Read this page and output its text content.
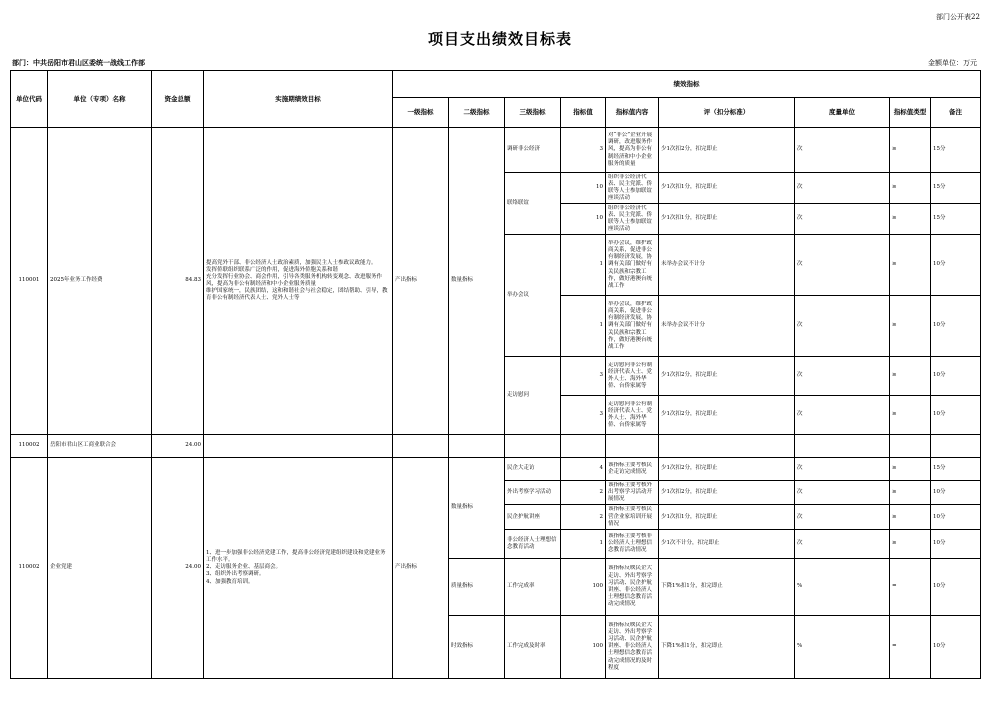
部门公开表22
项目支出绩效目标表
部门：中共岳阳市君山区委统一战线工作部	金额单位：万元
单位代码	单位（专项）名称	资金总额	实施期绩效目标	绩效指标								
				一级指标	二级指标	三级指标	指标值	指标值内容	评（扣分标准）	度量单位	指标值类型	备注
110001	2025年业务工作经费	84.83	提高党外干部、非公经济人士政治素质，加强民主人士参政议政能力。
发挥侨联组织联系广泛的作用，促进海外侨胞关系和谐
充分发挥行业协会、商会作用，引导各类服务机构转变观念、改进服务作风，提高为非公有制经济和中小企业服务质量
维护国家统一，民族团结，这和和谐社会与社会稳定，团结帮助、引导，教育非公有制经济代表人士、党外人士等	产出指标	数量指标	调研非公经济	3	对“非公”企业开展调研，改进服务作风，提高为非公有制经济和中小企业服务的质量	少1次扣2分，扣完即止	次	≥	15分
						联络联谊	10	组织非公经济代表、民主党派、侨联等人士参加联谊座谈活动	少1次扣1分，扣完即止	次	≥	15分
							10	组织非公经济代表、民主党派、侨联等人士参加联谊座谈活动	少1次扣1分，扣完即止	次	≥	15分
						举办会议	1	举办会议，维护政商关系，促进非公有制经济发展，协调有关部门做好有关民族和宗教工作，做好港澳台统战工作	未举办会议不计分	次	≥	10分
							1	举办会议，维护政商关系，促进非公有制经济发展，协调有关部门做好有关民族和宗教工作，做好港澳台统战工作	未举办会议不计分	次	≥	10分
						走访慰问	3	走访慰问非公有制经济代表人士、党外人士、海外华侨、台侨家属等	少1次扣2分，扣完即止	次	≥	10分
							3	走访慰问非公有制经济代表人士、党外人士、海外华侨、台侨家属等	少1次扣2分，扣完即止	次	≥	10分
110002	岳阳市君山区工商业联合会	24.00										
110002	企业党建	24.00	1、进一步加强非公经济党建工作，提高非公经济党建组织建设和党建业务工作水平。
2、走访服务企业、基层商会。
3、组织外出考察调研。
4、加强教育培训。	产出指标	数量指标	民企大走访	4	该指标主要考核民企走访完成情况	少1次扣2分，扣完即止	次	≥	15分
						外出考察学习活动	2	该指标主要考核外出考察学习活动开展情况	少1次扣2分，扣完即止	次	≥	10分
						民企护航讲座	2	该指标主要考核民营企业家培训开展情况	少1次扣1分，扣完即止	次	≥	10分
						非公经济人士理想信念教育活动	1	该指标主要考核非公经济人士理想信念教育活动情况	少1次不计分，扣完即止	次	≥	10分
					质量指标	工作完成率	100	该指标反映民企大走访、外出考察学习活动、民企护航讲座、非公经济人士理想信念教育活动完成情况	下降1%扣1分，扣完即止	%	=	10分
					时效指标	工作完成及时率	100	该指标反映民企大走访、外出考察学习活动、民企护航讲座、非公经济人士理想信念教育活动完成情况的及时程度	下降1%扣1分，扣完即止	%	=	10分
